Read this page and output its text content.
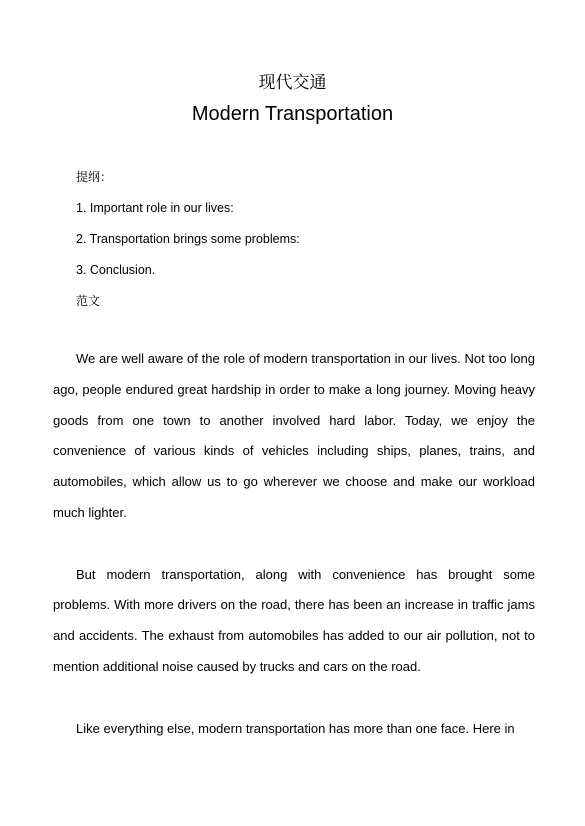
现代交通
Modern Transportation
提纲：
1. Important role in our lives:
2. Transportation brings some problems:
3. Conclusion.
范文

We are well aware of the role of modern transportation in our lives. Not too long ago, people endured great hardship in order to make a long journey. Moving heavy goods from one town to another involved hard labor. Today, we enjoy the convenience of various kinds of vehicles including ships, planes, trains, and automobiles, which allow us to go wherever we choose and make our workload much lighter.

But modern transportation, along with convenience has brought some problems. With more drivers on the road, there has been an increase in traffic jams and accidents. The exhaust from automobiles has added to our air pollution, not to mention additional noise caused by trucks and cars on the road.

Like everything else, modern transportation has more than one face. Here in
